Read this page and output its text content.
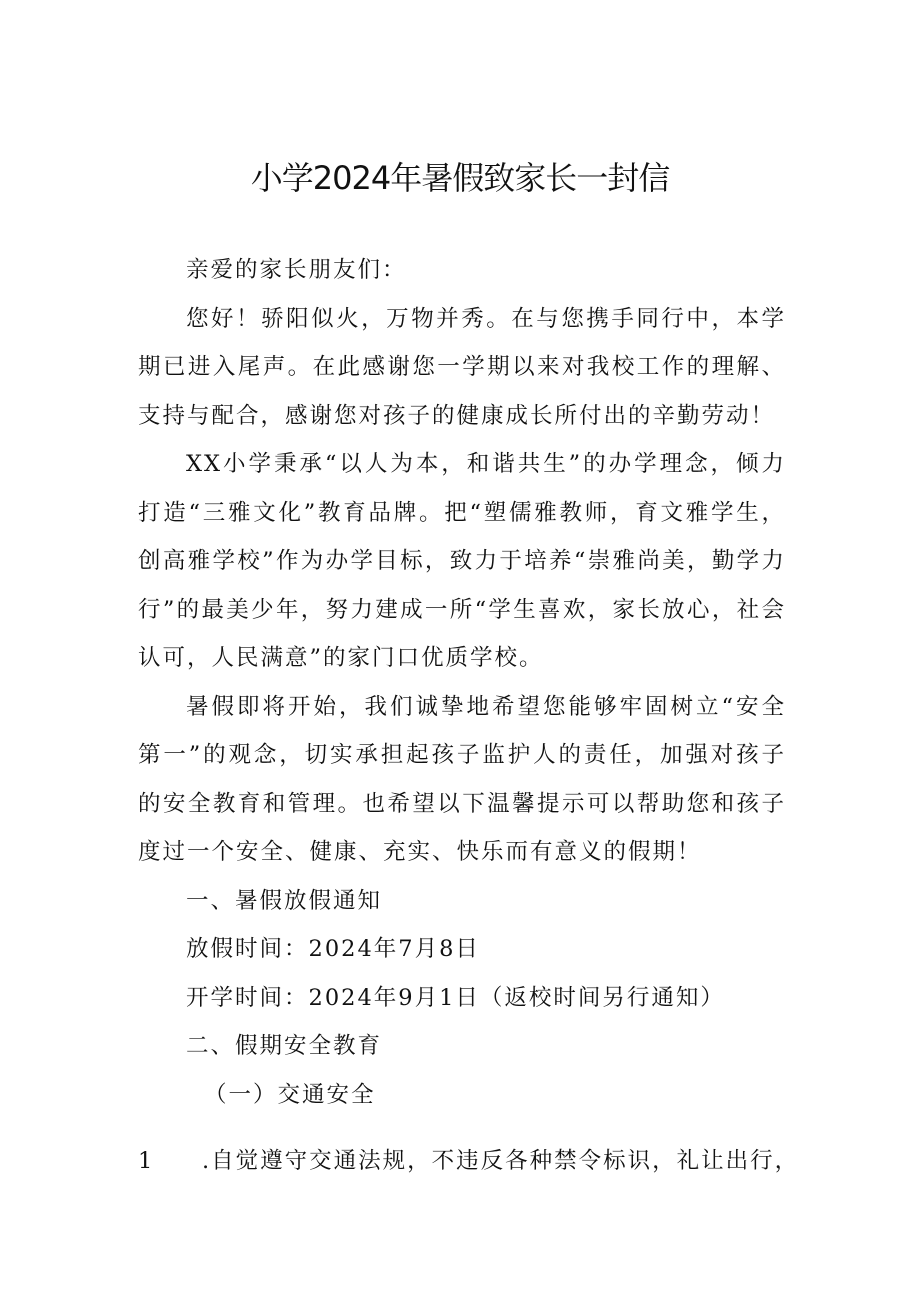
小学2024年暑假致家长一封信

亲爱的家长朋友们：

您好！骄阳似火，万物并秀。在与您携手同行中，本学期已进入尾声。在此感谢您一学期以来对我校工作的理解、支持与配合，感谢您对孩子的健康成长所付出的辛勤劳动！

XX小学秉承“以人为本，和谐共生”的办学理念，倾力打造“三雅文化”教育品牌。把“塑儒雅教师，育文雅学生，创高雅学校”作为办学目标，致力于培养“崇雅尚美，勤学力行”的最美少年，努力建成一所“学生喜欢，家长放心，社会认可，人民满意”的家门口优质学校。

暑假即将开始，我们诚挚地希望您能够牢固树立“安全第一”的观念，切实承担起孩子监护人的责任，加强对孩子的安全教育和管理。也希望以下温馨提示可以帮助您和孩子度过一个安全、健康、充实、快乐而有意义的假期！

一、暑假放假通知

放假时间：2024年7月8日

开学时间：2024年9月1日（返校时间另行通知）

二、假期安全教育

（一）交通安全

1 .自觉遵守交通法规，不违反各种禁令标识，礼让出行，
